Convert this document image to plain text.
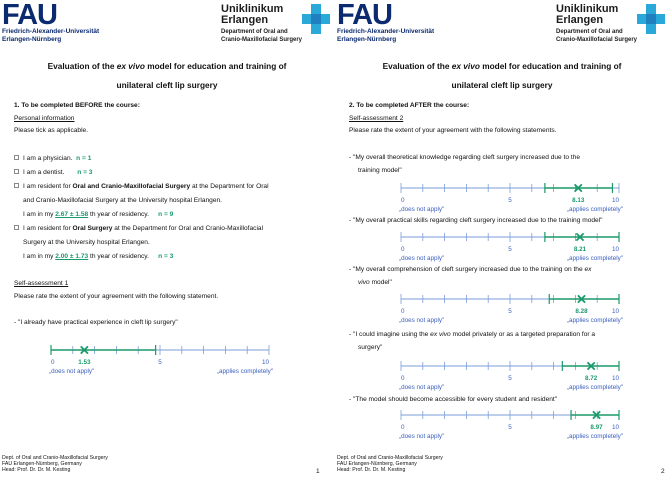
FAU
Friedrich-Alexander-Universität
Erlangen-Nürnberg
Uniklinikum
Erlangen
Department of Oral and
Cranio-Maxillofacial Surgery
Evaluation of the ex vivo model for education and training of
unilateral cleft lip surgery
1. To be completed BEFORE the course:
Personal information
Please tick as applicable.
I am a physician. n = 1
I am a dentist. n = 3
I am resident for Oral and Cranio-Maxillofacial Surgery at the Department for Oral
and Cranio-Maxillofacial Surgery at the University hospital Erlangen.
I am in my 2.67 ± 1.58 th year of residency. n = 9
I am resident for Oral Surgery at the Department for Oral and Cranio-Maxillofacial
Surgery at the University hospital Erlangen.
I am in my 2.00 ± 1.73 th year of residency. n = 3
Self-assessment 1
Please rate the extent of your agreement with the following statement.
- "I already have practical experience in cleft lip surgery"
0	5	10
„does not apply"	„applies completely"
1.53
Dept. of Oral and Cranio-Maxillofacial Surgery
FAU Erlangen-Nürnberg, Germany
Head: Prof. Dr. Dr. M. Kesting	1
FAU
Friedrich-Alexander-Universität
Erlangen-Nürnberg
Uniklinikum
Erlangen
Department of Oral and
Cranio-Maxillofacial Surgery
Evaluation of the ex vivo model for education and training of
unilateral cleft lip surgery
2. To be completed AFTER the course:
Self-assessment 2
Please rate the extent of your agreement with the following statements.
- "My overall theoretical knowledge regarding cleft surgery increased due to the
training model"
0	5	10
„does not apply"	„applies completely"
8.13
- "My overall practical skills regarding cleft surgery increased due to the training model"
0	5	10
„does not apply"	„applies completely"
8.21
- "My overall comprehension of cleft surgery increased due to the training on the ex
vivo model"
0	5	10
„does not apply"	„applies completely"
8.28
- "I could imagine using the ex vivo model privately or as a targeted preparation for a
surgery"
0	5	10
„does not apply"	„applies completely"
8.72
- "The model should become accessible for every student and resident"
0	5	10
„does not apply"	„applies completely"
8.97
Dept. of Oral and Cranio-Maxillofacial Surgery
FAU Erlangen-Nürnberg, Germany
Head: Prof. Dr. Dr. M. Kesting	2
